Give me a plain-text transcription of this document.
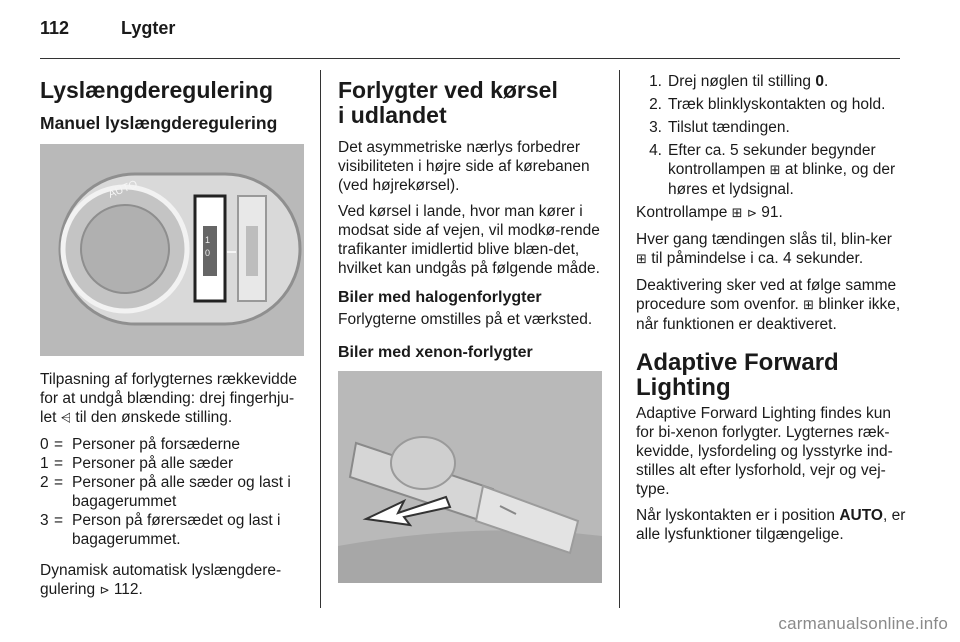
112	Lygter
Lyslængderegulering
Manuel lyslængderegulering
AUTO
1
0

Tilpasning af forlygternes rækkevidde for at undgå blænding: drej fingerhju-let ⩤ til den ønskede stilling.

0 = Personer på forsæderne
1 = Personer på alle sæder
2 = Personer på alle sæder og last i bagagerummet
3 = Person på førersædet og last i bagagerummet.

Dynamisk automatisk lyslængdere-gulering ⊳ 112.

Forlygter ved kørsel
i udlandet

Det asymmetriske nærlys forbedrer visibiliteten i højre side af kørebanen (ved højrekørsel).

Ved kørsel i lande, hvor man kører i modsat side af vejen, vil modkø-rende trafikanter imidlertid blive blæn-det, hvilket kan undgås på følgende måde.

Biler med halogenforlygter

Forlygterne omstilles på et værksted.

Biler med xenon-forlygter
1. Drej nøglen til stilling 0.
2. Træk blinklyskontakten og hold.
3. Tilslut tændingen.
4. Efter ca. 5 sekunder begynder kontrollampen ⊞ at blinke, og der høres et lydsignal.

Kontrollampe ⊞ ⊳ 91.

Hver gang tændingen slås til, blin-ker ⊞ til påmindelse i ca. 4 sekunder.

Deaktivering sker ved at følge samme procedure som ovenfor. ⊞ blinker ikke, når funktionen er deaktiveret.

Adaptive Forward Lighting

Adaptive Forward Lighting findes kun for bi-xenon forlygter. Lygternes ræk-kevidde, lysfordeling og lysstyrke ind-stilles alt efter lysforhold, vejr og vej-type.

Når lyskontakten er i position AUTO, er alle lysfunktioner tilgængelige.

carmanualsonline.info
